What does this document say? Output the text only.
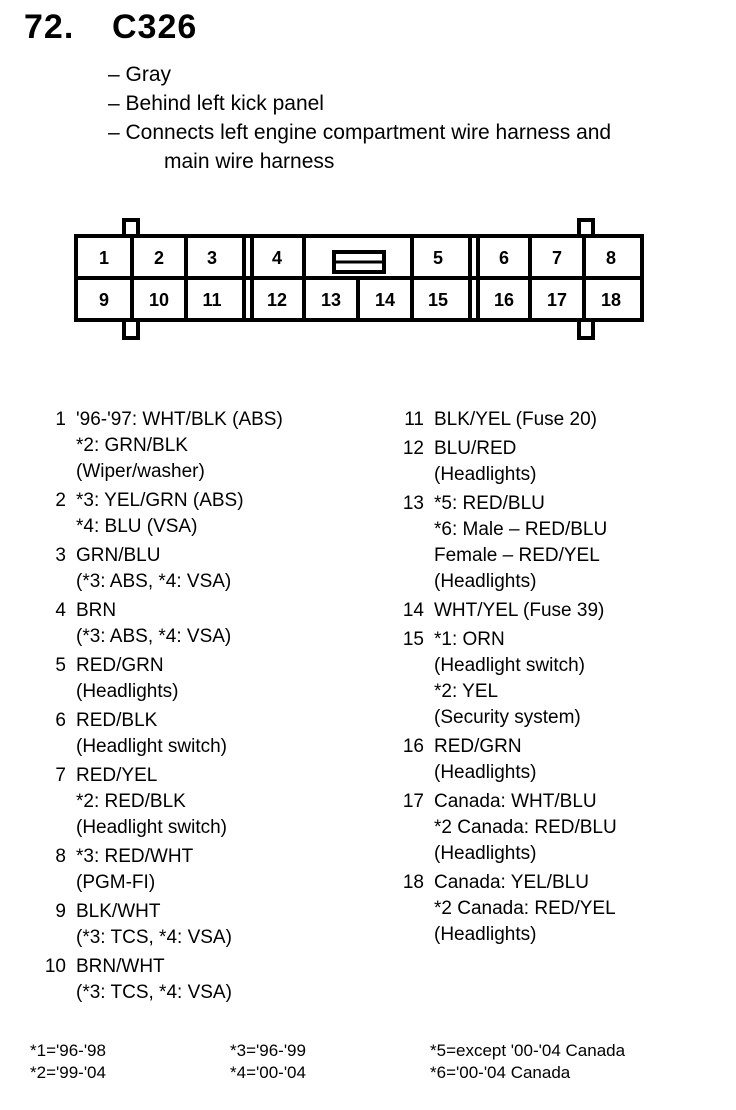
72. C326
– Gray
– Behind left kick panel
– Connects left engine compartment wire harness and
main wire harness
1 2 3	4	5	6 7 8
9 10 11	12 13 14 15	16 17 18
1 '96-'97: WHT/BLK (ABS)
*2: GRN/BLK
(Wiper/washer)
2 *3: YEL/GRN (ABS)
*4: BLU (VSA)
3 GRN/BLU
(*3: ABS, *4: VSA)
4 BRN
(*3: ABS, *4: VSA)
5 RED/GRN
(Headlights)
6 RED/BLK
(Headlight switch)
7 RED/YEL
*2: RED/BLK
(Headlight switch)
8 *3: RED/WHT
(PGM-FI)
9 BLK/WHT
(*3: TCS, *4: VSA)
10 BRN/WHT
(*3: TCS, *4: VSA)
11 BLK/YEL (Fuse 20)
12 BLU/RED
(Headlights)
13 *5: RED/BLU
*6: Male – RED/BLU
Female – RED/YEL
(Headlights)
14 WHT/YEL (Fuse 39)
15 *1: ORN
(Headlight switch)
*2: YEL
(Security system)
16 RED/GRN
(Headlights)
17 Canada: WHT/BLU
*2 Canada: RED/BLU
(Headlights)
18 Canada: YEL/BLU
*2 Canada: RED/YEL
(Headlights)
*1='96-'98
*2='99-'04
*3='96-'99
*4='00-'04
*5=except '00-'04 Canada
*6='00-'04 Canada
